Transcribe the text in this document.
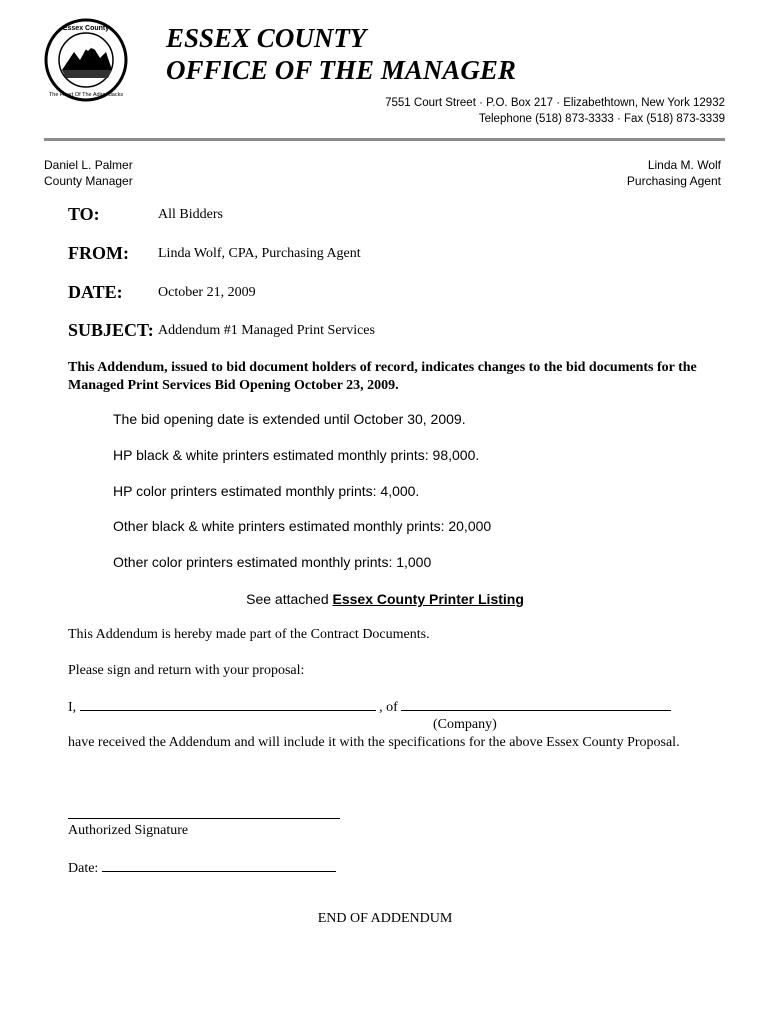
Essex County
The Heart Of The Adirondacks
ESSEX COUNTY
OFFICE OF THE MANAGER
7551 Court Street · P.O. Box 217 · Elizabethtown, New York 12932
Telephone (518) 873-3333 · Fax (518) 873-3339
Daniel L. Palmer
County Manager
Linda M. Wolf
Purchasing Agent
TO:	All Bidders
FROM: Linda Wolf, CPA, Purchasing Agent
DATE:	October 21, 2009
SUBJECT: Addendum #1 Managed Print Services
This Addendum, issued to bid document holders of record, indicates changes to the bid documents for the Managed Print Services Bid Opening October 23, 2009.
The bid opening date is extended until October 30, 2009.
HP black & white printers estimated monthly prints: 98,000.
HP color printers estimated monthly prints: 4,000.
Other black & white printers estimated monthly prints: 20,000
Other color printers estimated monthly prints: 1,000
See attached Essex County Printer Listing
This Addendum is hereby made part of the Contract Documents.
Please sign and return with your proposal:
I,	, of
(Company)
have received the Addendum and will include it with the specifications for the above Essex County Proposal.
Authorized Signature
Date:
END OF ADDENDUM
